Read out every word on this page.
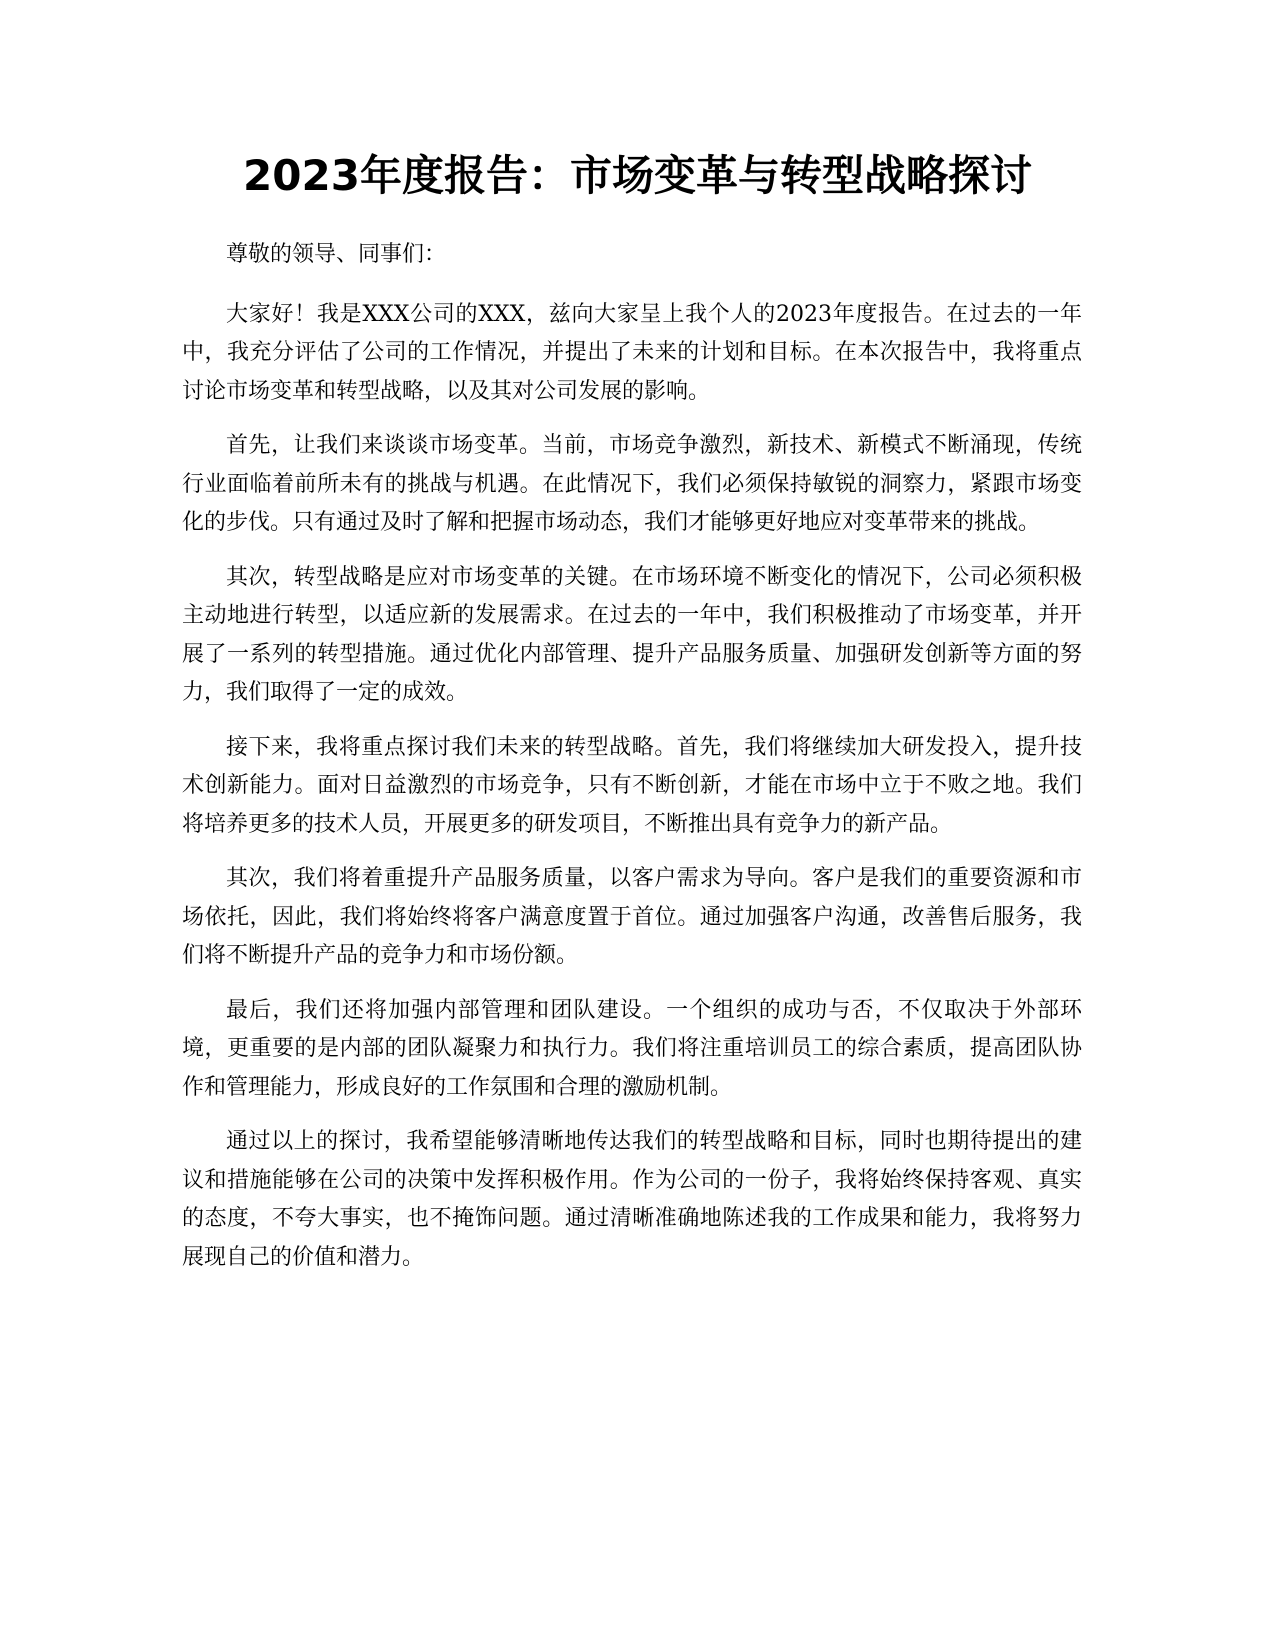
2023年度报告：市场变革与转型战略探讨

尊敬的领导、同事们：

大家好！我是XXX公司的XXX，兹向大家呈上我个人的2023年度报告。在过去的一年中，我充分评估了公司的工作情况，并提出了未来的计划和目标。在本次报告中，我将重点讨论市场变革和转型战略，以及其对公司发展的影响。

首先，让我们来谈谈市场变革。当前，市场竞争激烈，新技术、新模式不断涌现，传统行业面临着前所未有的挑战与机遇。在此情况下，我们必须保持敏锐的洞察力，紧跟市场变化的步伐。只有通过及时了解和把握市场动态，我们才能够更好地应对变革带来的挑战。

其次，转型战略是应对市场变革的关键。在市场环境不断变化的情况下，公司必须积极主动地进行转型，以适应新的发展需求。在过去的一年中，我们积极推动了市场变革，并开展了一系列的转型措施。通过优化内部管理、提升产品服务质量、加强研发创新等方面的努力，我们取得了一定的成效。

接下来，我将重点探讨我们未来的转型战略。首先，我们将继续加大研发投入，提升技术创新能力。面对日益激烈的市场竞争，只有不断创新，才能在市场中立于不败之地。我们将培养更多的技术人员，开展更多的研发项目，不断推出具有竞争力的新产品。

其次，我们将着重提升产品服务质量，以客户需求为导向。客户是我们的重要资源和市场依托，因此，我们将始终将客户满意度置于首位。通过加强客户沟通，改善售后服务，我们将不断提升产品的竞争力和市场份额。

最后，我们还将加强内部管理和团队建设。一个组织的成功与否，不仅取决于外部环境，更重要的是内部的团队凝聚力和执行力。我们将注重培训员工的综合素质，提高团队协作和管理能力，形成良好的工作氛围和合理的激励机制。

通过以上的探讨，我希望能够清晰地传达我们的转型战略和目标，同时也期待提出的建议和措施能够在公司的决策中发挥积极作用。作为公司的一份子，我将始终保持客观、真实的态度，不夸大事实，也不掩饰问题。通过清晰准确地陈述我的工作成果和能力，我将努力展现自己的价值和潜力。
